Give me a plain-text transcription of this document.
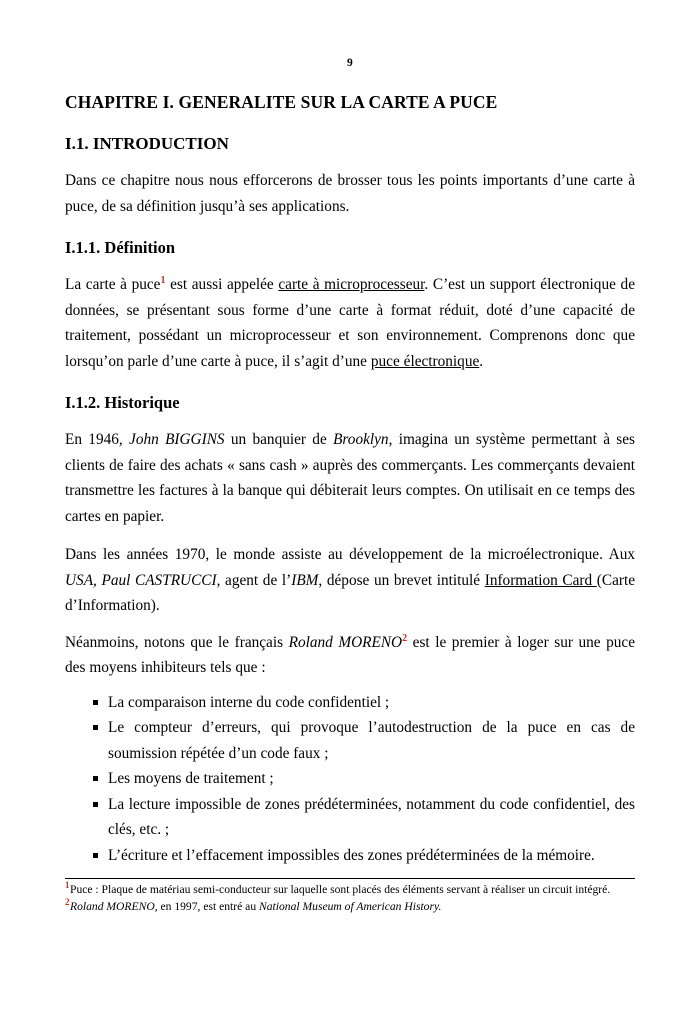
9
CHAPITRE I. GENERALITE SUR LA CARTE A PUCE
I.1. INTRODUCTION

Dans ce chapitre nous nous efforcerons de brosser tous les points importants d’une carte à puce, de sa définition jusqu’à ses applications.

I.1.1. Définition

La carte à puce$^1$ est aussi appelée carte à microprocesseur. C’est un support électronique de données, se présentant sous forme d’une carte à format réduit, doté d’une capacité de traitement, possédant un microprocesseur et son environnement. Comprenons donc que lorsqu’on parle d’une carte à puce, il s’agit d’une puce électronique.

I.1.2. Historique

En 1946, John BIGGINS un banquier de Brooklyn, imagina un système permettant à ses clients de faire des achats « sans cash » auprès des commerçants. Les commerçants devaient transmettre les factures à la banque qui débiterait leurs comptes. On utilisait en ce temps des cartes en papier.

Dans les années 1970, le monde assiste au développement de la microélectronique. Aux USA, Paul CASTRUCCI, agent de l’IBM, dépose un brevet intitulé Information Card (Carte d’Information).

Néanmoins, notons que le français Roland MORENO$^2$ est le premier à loger sur une puce des moyens inhibiteurs tels que :

La comparaison interne du code confidentiel ;
Le compteur d’erreurs, qui provoque l’autodestruction de la puce en cas de soumission répétée d’un code faux ;
Les moyens de traitement ;
La lecture impossible de zones prédéterminées, notamment du code confidentiel, des clés, etc. ;
L’écriture et l’effacement impossibles des zones prédéterminées de la mémoire.

$^1$Puce : Plaque de matériau semi-conducteur sur laquelle sont placés des éléments servant à réaliser un circuit intégré.

$^2$Roland MORENO, en 1997, est entré au National Museum of American History.
